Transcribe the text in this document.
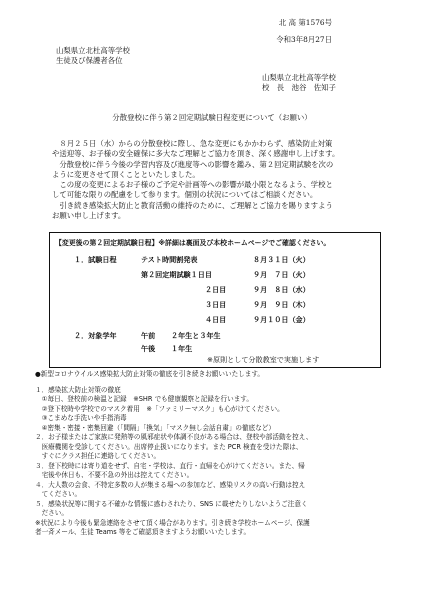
北 高 第1576号
令和3年8月27日
山梨県立北杜高等学校
生徒及び保護者各位
山梨県立北杜高等学校
校　長　池谷　佐知子
分散登校に伴う第２回定期試験日程変更について（お願い）

　８月２５日（水）からの分散登校に際し、急な変更にもかかわらず、感染防止対策

や送迎等、お子様の安全確保に多大なご理解とご協力を頂き、深く感謝申し上げます。

　分散登校に伴う今後の学習内容及び進度等への影響を鑑み、第２回定期試験を次の

ように変更させて頂くことといたしました。

　この度の変更によるお子様のご予定や計画等への影響が最小限となるよう、学校と

して可能な限りの配慮をして参ります。個別の状況についてはご相談ください。

　引き続き感染拡大防止と教育活動の維持のために、ご理解とご協力を賜りますよう

お願い申し上げます。

【変更後の第２回定期試験日程】※詳細は裏面及び本校ホームページでご確認ください。
１．試験日程	テスト時間割発表	８月３１日（火）
第２回定期試験１日目	９月　７日（火）
２日目	９月　８日（水）
３日目	９月　９日（木）
４日目	９月１０日（金）
２．対象学年	午前 ２年生と３年生
午後 １年生
※原則として分散教室で実施します
●新型コロナウイルス感染拡大防止対策の徹底を引き続きお願いいたします。
１．感染拡大防止対策の徹底
　①毎日、登校前の検温と記録　※SHR でも健康観察と記録を行います。
　②登下校時や学校でのマスク着用　※「ファミリーマスク」も心がけてください。
　③こまめな手洗いや手指消毒
　④密集・密接・密集回避（「間隔」「換気」「マスク無し会話自粛」の徹底など）
２．お子様またはご家族に発熱等の風邪症状や体調不良がある場合は、登校や部活動を控え、
　医療機関を受診してください。出席停止扱いになります。また PCR 検査を受けた際は、
　すぐにクラス担任に連絡してください。
３．登下校時には寄り道をせず、自宅・学校は、直行・直帰を心がけてください。また、帰
　宅後や休日も、不要不急の外出は控えてください。
４．大人数の会食、不特定多数の人が集まる場への参加など、感染リスクの高い行動は控え
　てください。
５．感染状況等に関する不確かな情報に惑わされたり、SNS に載せたりしないようご注意く
　ださい。
※状況により今後も緊急連絡をさせて頂く場合があります。引き続き学校ホームページ、保護
者一斉メール、生徒 Teams 等をご確認頂きますようお願いいたします。
